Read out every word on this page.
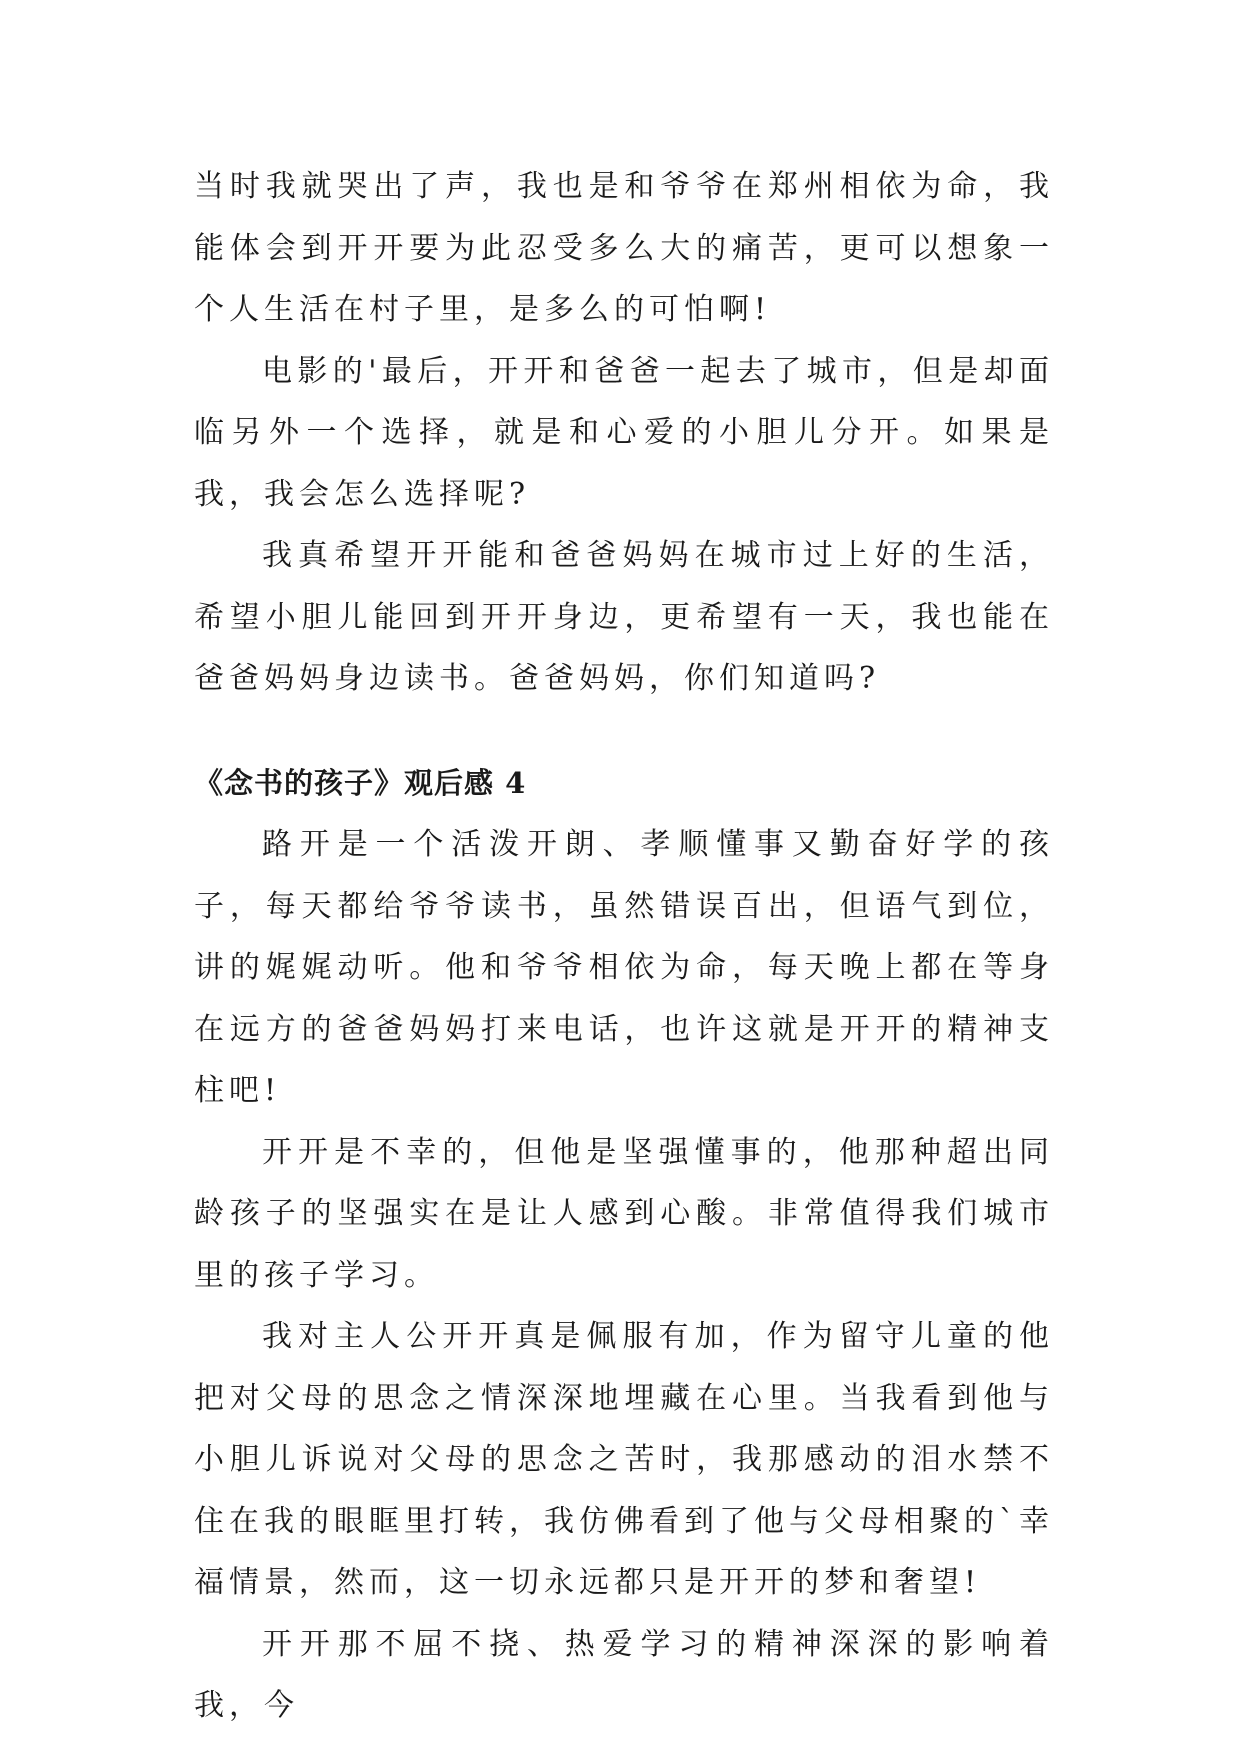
当时我就哭出了声，我也是和爷爷在郑州相依为命，我能体会到开开要为此忍受多么大的痛苦，更可以想象一个人生活在村子里，是多么的可怕啊!

电影的'最后，开开和爸爸一起去了城市，但是却面临另外一个选择，就是和心爱的小胆儿分开。如果是我，我会怎么选择呢?

我真希望开开能和爸爸妈妈在城市过上好的生活，希望小胆儿能回到开开身边，更希望有一天，我也能在爸爸妈妈身边读书。爸爸妈妈，你们知道吗?

《念书的孩子》观后感 4

路开是一个活泼开朗、孝顺懂事又勤奋好学的孩子，每天都给爷爷读书，虽然错误百出，但语气到位，讲的娓娓动听。他和爷爷相依为命，每天晚上都在等身在远方的爸爸妈妈打来电话，也许这就是开开的精神支柱吧!

开开是不幸的，但他是坚强懂事的，他那种超出同龄孩子的坚强实在是让人感到心酸。非常值得我们城市里的孩子学习。

我对主人公开开真是佩服有加，作为留守儿童的他把对父母的思念之情深深地埋藏在心里。当我看到他与小胆儿诉说对父母的思念之苦时，我那感动的泪水禁不住在我的眼眶里打转，我仿佛看到了他与父母相聚的`幸福情景，然而，这一切永远都只是开开的梦和奢望!

开开那不屈不挠、热爱学习的精神深深的影响着我，今
